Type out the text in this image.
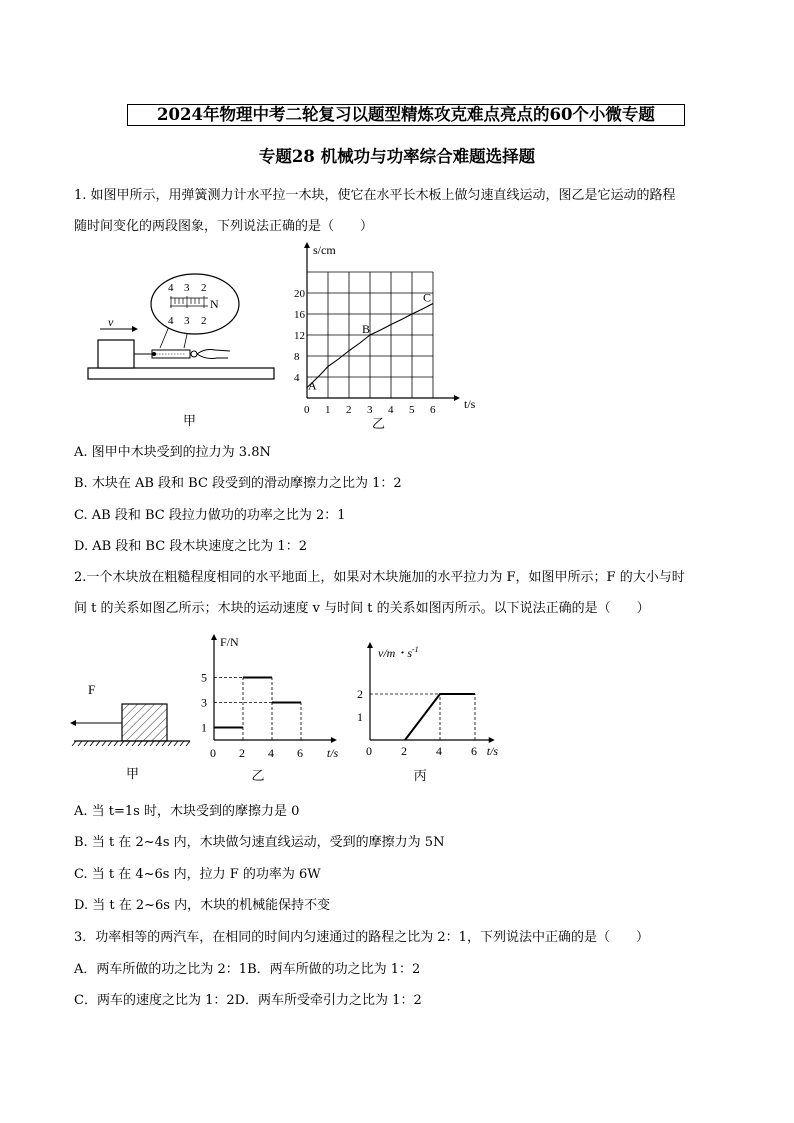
2024年物理中考二轮复习以题型精炼攻克难点亮点的60个小微专题
专题28 机械功与功率综合难题选择题
1. 如图甲所示，用弹簧测力计水平拉一木块，使它在水平长木板上做匀速直线运动，图乙是它运动的路程
随时间变化的两段图象，下列说法正确的是（　　）
v
4 3 2
N
4 3 2
甲
s/cm
t/s
0 1 2 3 4 5 6
4
8
12
16
20
A
B
C
乙
A. 图甲中木块受到的拉力为 3.8N
B. 木块在 AB 段和 BC 段受到的滑动摩擦力之比为 1：2
C. AB 段和 BC 段拉力做功的功率之比为 2：1
D. AB 段和 BC 段木块速度之比为 1：2
2.一个木块放在粗糙程度相同的水平地面上，如果对木块施加的水平拉力为 F，如图甲所示；F 的大小与时
间 t 的关系如图乙所示；木块的运动速度 v 与时间 t 的关系如图丙所示。以下说法正确的是（　　）
F
甲
F/N
t/s
0 2 4 6
1
3
5
乙
v/m・$s^{-1}$
t/s
0 2 4 6
1
2
丙
A. 当 t=1s 时，木块受到的摩擦力是 0
B. 当 t 在 2~4s 内，木块做匀速直线运动，受到的摩擦力为 5N
C. 当 t 在 4~6s 内，拉力 F 的功率为 6W
D. 当 t 在 2~6s 内，木块的机械能保持不变
3．功率相等的两汽车，在相同的时间内匀速通过的路程之比为 2：1，下列说法中正确的是（　　）
A．两车所做的功之比为 2：1B．两车所做的功之比为 1：2
C．两车的速度之比为 1：2D．两车所受牵引力之比为 1：2
